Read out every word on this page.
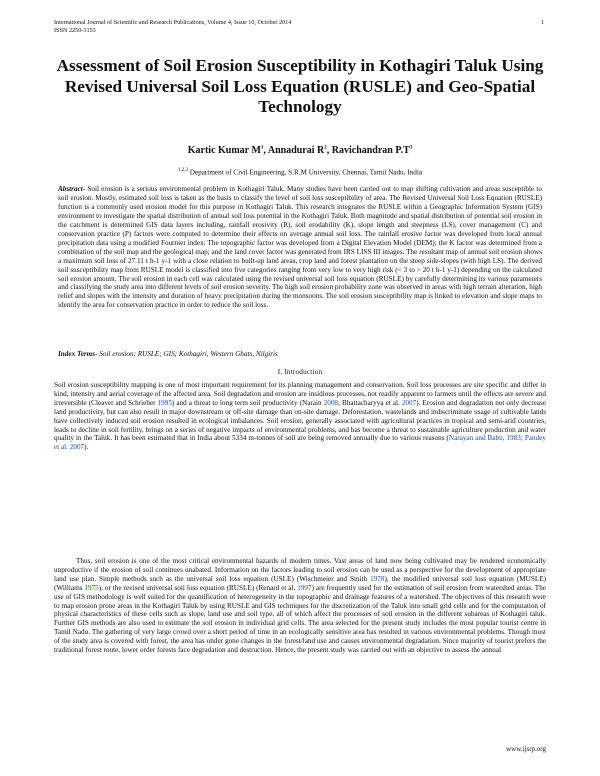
International Journal of Scientific and Research Publications, Volume 4, Issue 10, October 2014
ISSN 2250-3153
1
Assessment of Soil Erosion Susceptibility in Kothagiri Taluk Using Revised Universal Soil Loss Equation (RUSLE) and Geo-Spatial Technology
Kartic Kumar $M^1$, Annadurai $R^2$, Ravichandran $P.T^3$
$^{1,2,3}$ Department of Civil Engineering, S.R.M University, Chennai, Tamil Nadu, India
Abstract- Soil erosion is a serious environmental problem in Kothagiri Taluk. Many studies have been carried out to map shifting cultivation and areas susceptible to soil erosion. Mostly, estimated soil loss is taken as the basis to classify the level of soil loss susceptibility of area. The Revised Universal Soil Loss Equation (RUSLE) function is a commonly used erosion model for this purpose in Kothagiri Taluk. This research integrates the RUSLE within a Geographic Information System (GIS) environment to investigate the spatial distribution of annual soil loss potential in the Kothagiri Taluk. Both magnitude and spatial distribution of potential soil erosion in the catchment is determined GIS data layers including, rainfall erosivity (R), soil erodability (K), slope length and steepness (LS), cover management (C) and conservation practice (P) factors were computed to determine their effects on average annual soil loss. The rainfall erosive factor was developed from local annual precipitation data using a modified Fournier index: The topographic factor was developed from a Digital Elevation Model (DEM); the K factor was determined from a combination of the soil map and the geological map; and the land cover factor was generated from IRS LISS III images. The resultant map of annual soil erosion shows a maximum soil loss of 27.11 t h-1 y-1 with a close relation to built-up land areas, crop land and forest plantation on the steep side-slopes (with high LS). The derived soil susceptibility map from RUSLE model is classified into five categories ranging from very low to very high risk (< 3 to > 20 t h-1 y-1) depending on the calculated soil erosion amount. The soil erosion in each cell was calculated using the revised universal soil loss equation (RUSLE) by carefully determining its various parameters and classifying the study area into different levels of soil erosion severity. The high soil erosion probability zone was observed in areas with high terrain alteration, high relief and slopes with the intensity and duration of heavy precipitation during the monsoons. The soil erosion susceptibility map is linked to elevation and slope maps to identify the area for conservation practice in order to reduce the soil loss.
Index Terms- Soil erosion; RUSLE; GIS; Kothagiri, Western Ghats, Nilgiris
I. Introduction
Soil erosion susceptibility mapping is one of most important requirement for its planning management and conservation. Soil loss processes are site specific and differ in kind, intensity and aerial coverage of the affected area. Soil degradation and erosion are insidious processes, not readily apparent to farmers until the effects are severe and irreversible (Cleaver and Schrieber 1995) and a threat to long term soil productivity (Narain 2008; Bhattacharyya et al. 2007). Erosion and degradation not only decrease land productivity, but can also result in major downstream or off-site damage than on-site damage. Deforestation, wastelands and indiscriminate usage of cultivable lands have collectively induced soil erosion resulted in ecological imbalances. Soil erosion, generally associated with agricultural practices in tropical and semi-arid countries, leads to decline in soil fertility, brings on a series of negative impacts of environmental problems, and has become a threat to sustainable agriculture production and water quality in the Taluk. It has been estimated that in India about 5334 m-tonnes of soil are being removed annually due to various reasons (Narayan and Babu, 1983; Pandey et al. 2007).
Thus, soil erosion is one of the most critical environmental hazards of modern times. Vast areas of land now being cultivated may be rendered economically unproductive if the erosion of soil continues unabated. Information on the factors leading to soil erosion can be used as a perspective for the development of appropriate land use plan. Simple methods such as the universal soil loss equation (USLE) (Wischmeier and Smith 1978), the modified universal soil loss equation (MUSLE) (Williams 1975), or the revised universal soil loss equation (RUSLE) (Renard et al. 1997) are frequently used for the estimation of soil erosion from watershed areas. The use of GIS methodology is well suited for the quantification of heterogeneity in the topographic and drainage features of a watershed. The objectives of this research were to map erosion prone areas in the Kothagiri Taluk by using RUSLE and GIS techniques for the discretization of the Taluk into small grid cells and for the computation of physical characteristics of these cells such as slope, land use and soil type, all of which affect the processes of soil erosion in the different subareas of Kothagiri taluk. Further GIS methods are also used to estimate the soil erosion in individual grid cells. The area selected for the present study includes the most popular tourist centre in Tamil Nadu. The gathering of very large crowd over a short period of time in an ecologically sensitive area has resulted in various environmental problems. Though most of the study area is covered with forest, the area has under gone changes in the forest/land use and causes environmental degradation. Since majority of tourist prefers the traditional forest route, lower order forests face degradation and destruction. Hence, the present study was carried out with an objective to assess the annual
www.ijsrp.org
